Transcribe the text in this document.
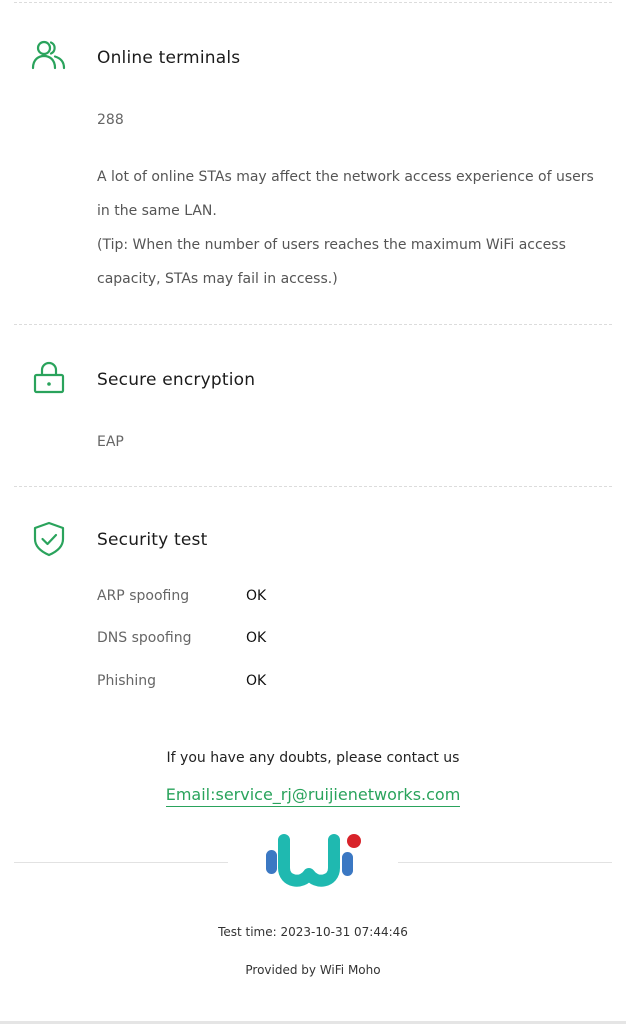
Online terminals
288

A lot of online STAs may affect the network access experience of users in the same LAN.

(Tip: When the number of users reaches the maximum WiFi access capacity, STAs may fail in access.)

Secure encryption
EAP
Security test
ARP spoofing	OK
DNS spoofing	OK
Phishing	OK
If you have any doubts, please contact us
Email:service_rj@ruijienetworks.com
Test time: 2023-10-31 07:44:46
Provided by WiFi Moho
